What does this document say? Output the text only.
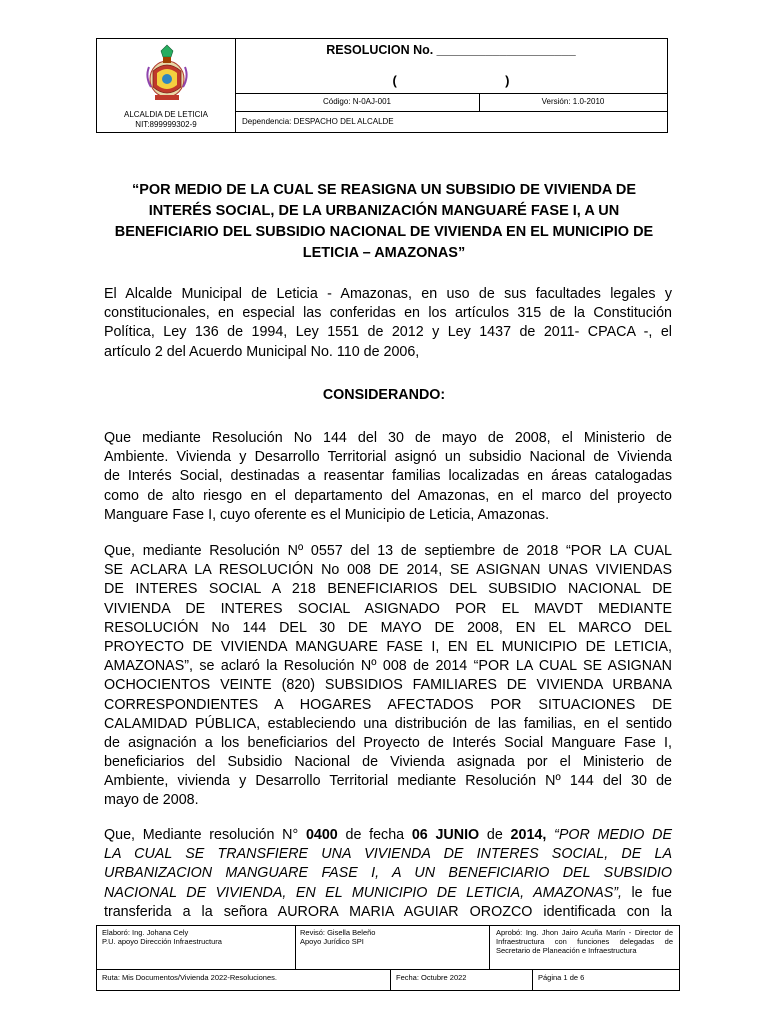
ALCALDIA DE LETICIA
NIT:899999302-9
RESOLUCION No. ____________________
(                              )
Código: N-0AJ-001	Versión: 1.0-2010
Dependencia: DESPACHO DEL ALCALDE
“POR MEDIO DE LA CUAL SE REASIGNA UN SUBSIDIO DE VIVIENDA DE
INTERÉS SOCIAL, DE LA URBANIZACIÓN MANGUARÉ FASE I, A UN
BENEFICIARIO DEL SUBSIDIO NACIONAL DE VIVIENDA EN EL MUNICIPIO DE
LETICIA – AMAZONAS”
El Alcalde Municipal de Leticia - Amazonas, en uso de sus facultades legales y
constitucionales, en especial las conferidas en los artículos 315 de la Constitución
Política, Ley 136 de 1994, Ley 1551 de 2012 y Ley 1437 de 2011- CPACA -, el
artículo 2 del Acuerdo Municipal No. 110 de 2006,
CONSIDERANDO:
Que mediante Resolución No 144 del 30 de mayo de 2008, el Ministerio de
Ambiente. Vivienda y Desarrollo Territorial asignó un subsidio Nacional de Vivienda
de Interés Social, destinadas a reasentar familias localizadas en áreas catalogadas
como de alto riesgo en el departamento del Amazonas, en el marco del proyecto
Manguare Fase I, cuyo oferente es el Municipio de Leticia, Amazonas.
Que, mediante Resolución Nº 0557 del 13 de septiembre de 2018 “POR LA CUAL
SE ACLARA LA RESOLUCIÓN No 008 DE 2014, SE ASIGNAN UNAS VIVIENDAS
DE INTERES SOCIAL A 218 BENEFICIARIOS DEL SUBSIDIO NACIONAL DE
VIVIENDA DE INTERES SOCIAL ASIGNADO POR EL MAVDT MEDIANTE
RESOLUCIÓN No 144 DEL 30 DE MAYO DE 2008, EN EL MARCO DEL
PROYECTO DE VIVIENDA MANGUARE FASE I, EN EL MUNICIPIO DE LETICIA,
AMAZONAS”, se aclaró la Resolución Nº 008 de 2014 “POR LA CUAL SE ASIGNAN
OCHOCIENTOS VEINTE (820) SUBSIDIOS FAMILIARES DE VIVIENDA URBANA
CORRESPONDIENTES A HOGARES AFECTADOS POR SITUACIONES DE
CALAMIDAD PÚBLICA, estableciendo una distribución de las familias, en el sentido
de asignación a los beneficiarios del Proyecto de Interés Social Manguare Fase I,
beneficiarios del Subsidio Nacional de Vivienda asignada por el Ministerio de
Ambiente, vivienda y Desarrollo Territorial mediante Resolución Nº 144 del 30 de
mayo de 2008.
Que, Mediante resolución N° 0400 de fecha 06 JUNIO de 2014, “POR MEDIO DE
LA CUAL SE TRANSFIERE UNA VIVIENDA DE INTERES SOCIAL, DE LA
URBANIZACION MANGUARE FASE I, A UN BENEFICIARIO DEL SUBSIDIO
NACIONAL DE VIVIENDA, EN EL MUNICIPIO DE LETICIA, AMAZONAS”, le fue
transferida a la señora AURORA MARIA AGUIAR OROZCO identificada con la
Elaboró: Ing. Johana Cely
P.U. apoyo Dirección Infraestructura
Revisó: Gisella Beleño
Apoyo Jurídico SPI
Aprobó: Ing. Jhon Jairo Acuña Marín - Director de Infraestructura con funciones delegadas de Secretario de Planeación e Infraestructura
Ruta: Mis Documentos/Vivienda 2022-Resoluciones.	Fecha: Octubre 2022	Página 1 de 6
